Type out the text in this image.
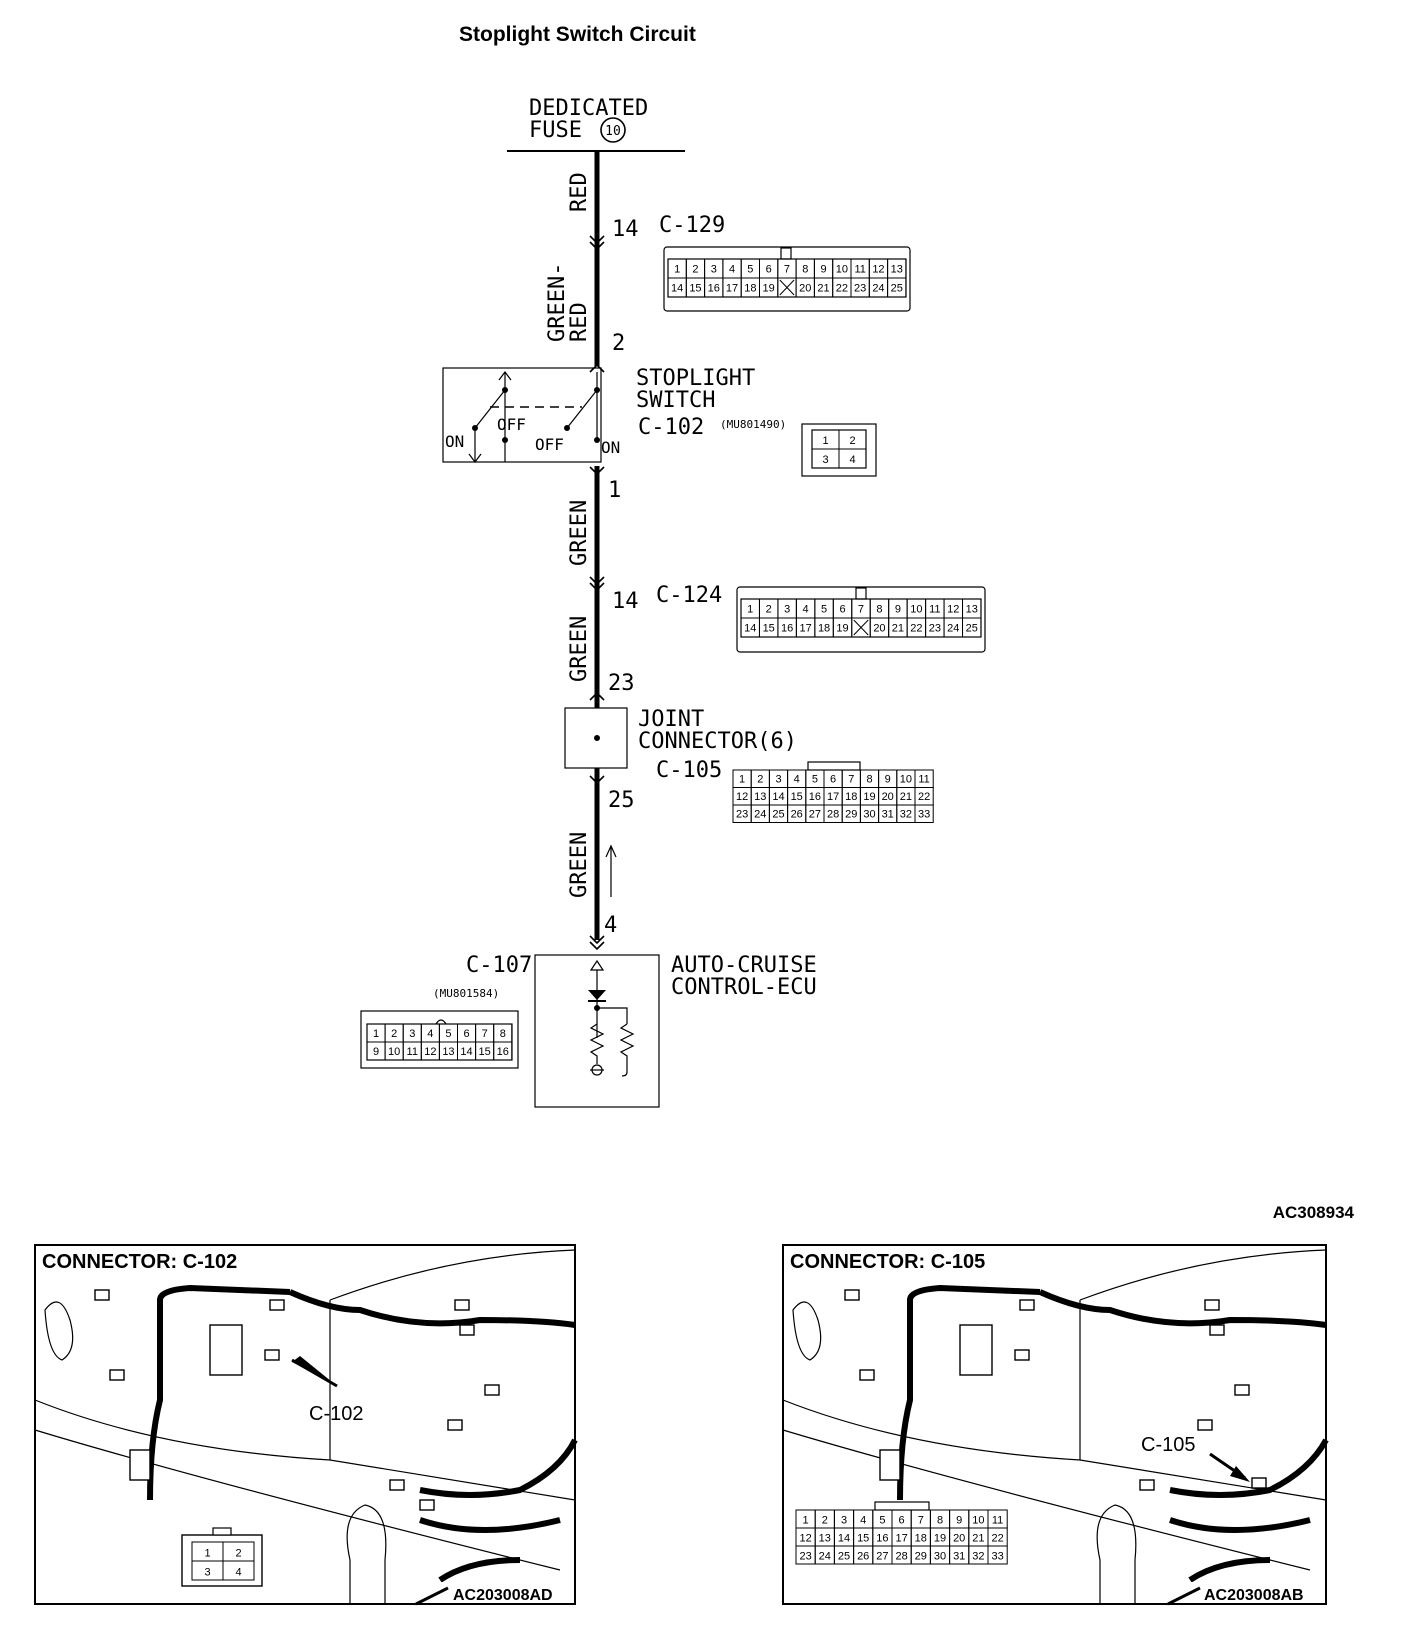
Stoplight Switch Circuit
DEDICATED
FUSE 10
RED
GREEN-
RED
GREEN
GREEN
GREEN
14
2
1
14
23
25
4
C-129
1 2 3 4 5 6 7 8 9 10 11 12 13
14 15 16 17 18 19 20 21 22 23 24 25
OFF
OFF
ON	ON
STOPLIGHT
SWITCH
C-102 (MU801490)
1 2
3 4
C-124
1 2 3 4 5 6 7 8 9 10 11 12 13
14 15 16 17 18 19 20 21 22 23 24 25
JOINT
CONNECTOR(6)
C-105 1 2 3 4 5 6 7 8 9 10 11
12 13 14 15 16 17 18 19 20 21 22
23 24 25 26 27 28 29 30 31 32 33
C-107
(MU801584)
AUTO-CRUISE
CONTROL-ECU
1 2 3 4 5 6 7 8
9 10 11 12 13 14 15 16
AC308934
1 2
3 4
CONNECTOR: C-102
C-102
AC203008AD
1 2 3 4 5 6 7 8 9 10 11
12 13 14 15 16 17 18 19 20 21 22
23 24 25 26 27 28 29 30 31 32 33
CONNECTOR: C-105
C-105
AC203008AB
